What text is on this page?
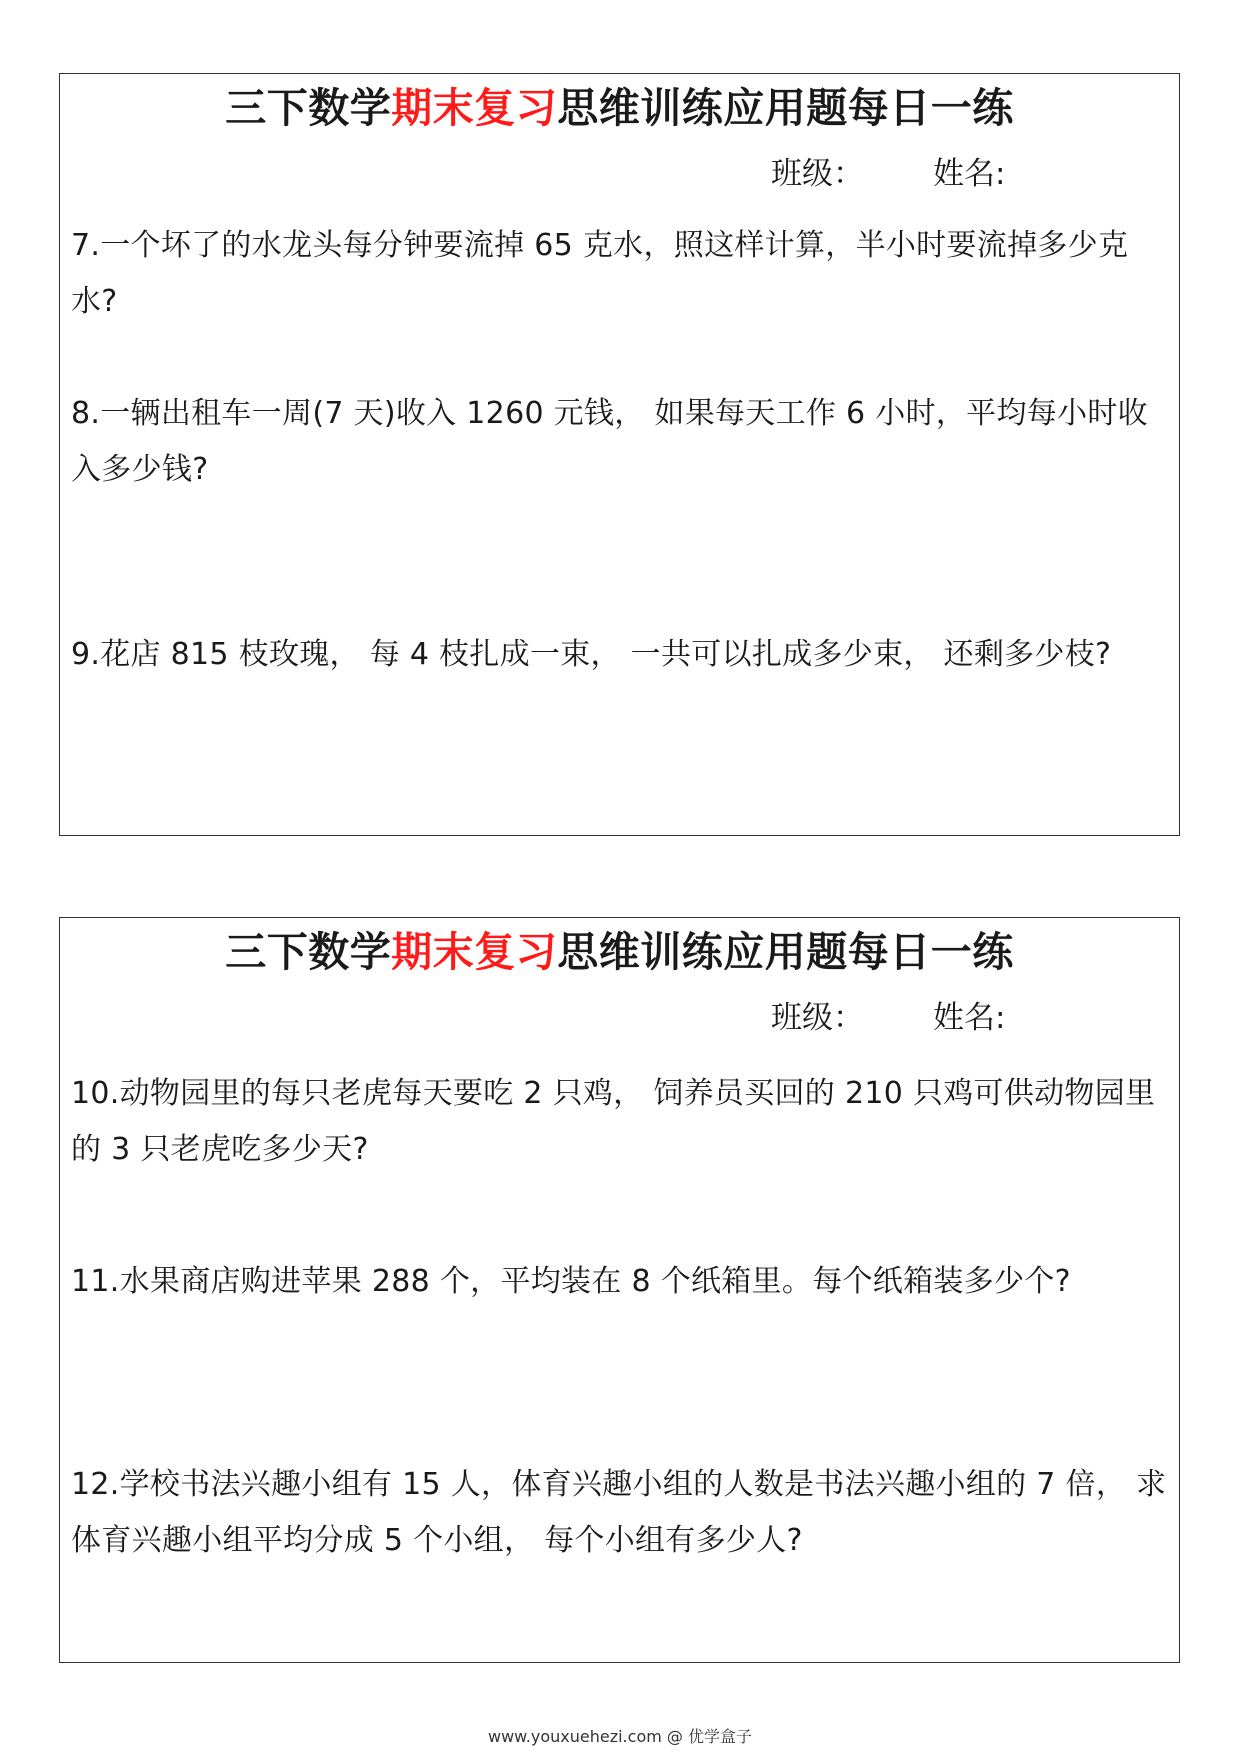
三下数学期末复习思维训练应用题每日一练
班级： 姓名:
7.一个坏了的水龙头每分钟要流掉 65 克水，照这样计算，半小时要流掉多少克水?
8.一辆出租车一周(7 天)收入 1260 元钱， 如果每天工作 6 小时，平均每小时收入多少钱?
9.花店 815 枝玫瑰， 每 4 枝扎成一束， 一共可以扎成多少束， 还剩多少枝?
三下数学期末复习思维训练应用题每日一练
班级： 姓名:
10.动物园里的每只老虎每天要吃 2 只鸡， 饲养员买回的 210 只鸡可供动物园里的 3 只老虎吃多少天?
11.水果商店购进苹果 288 个，平均装在 8 个纸箱里。每个纸箱装多少个?
12.学校书法兴趣小组有 15 人，体育兴趣小组的人数是书法兴趣小组的 7 倍， 求体育兴趣小组平均分成 5 个小组， 每个小组有多少人?
www.youxuehezi.com @ 优学盒子
